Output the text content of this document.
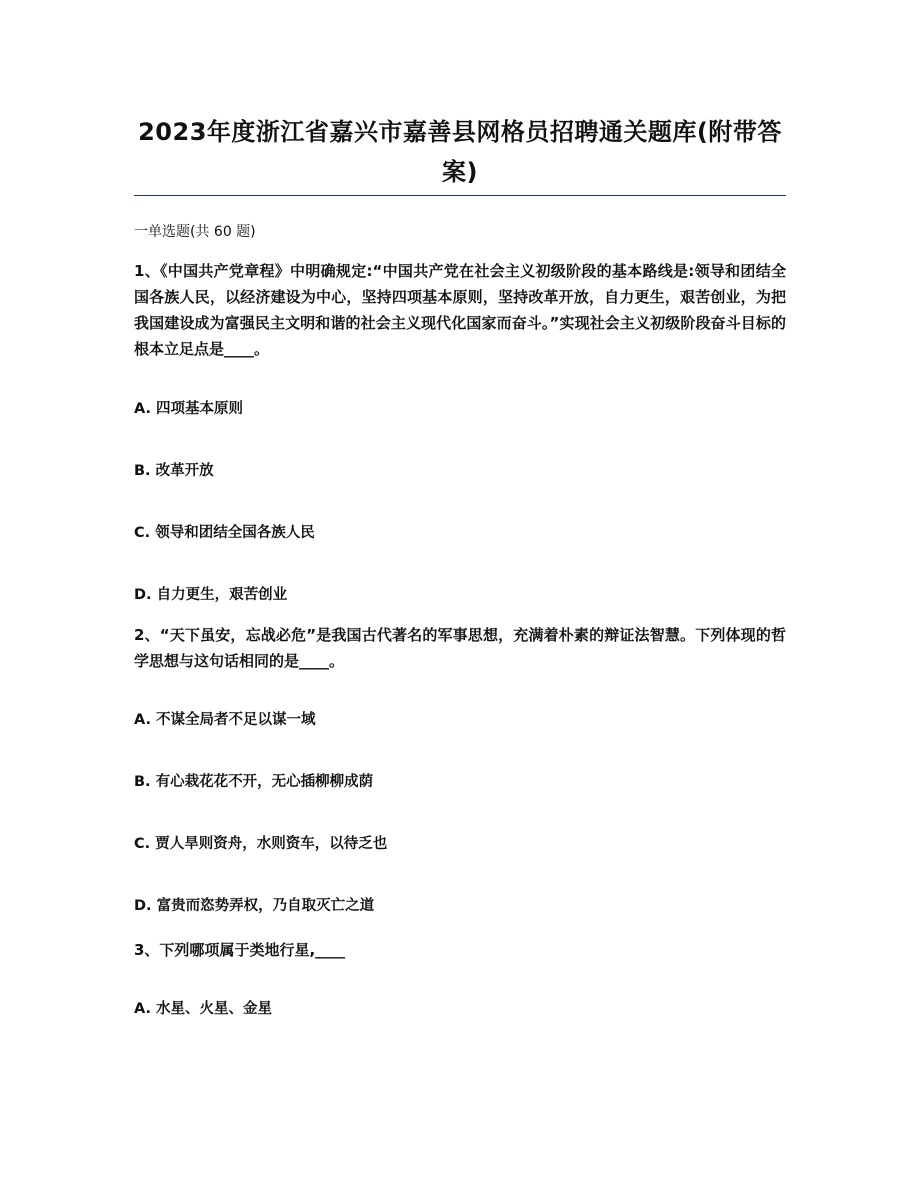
2023年度浙江省嘉兴市嘉善县网格员招聘通关题库(附带答案)
一单选题(共 60 题)
1、《中国共产党章程》中明确规定:“中国共产党在社会主义初级阶段的基本路线是:领导和团结全国各族人民，以经济建设为中心，坚持四项基本原则，坚持改革开放，自力更生，艰苦创业，为把我国建设成为富强民主文明和谐的社会主义现代化国家而奋斗。”实现社会主义初级阶段奋斗目标的根本立足点是____。
A. 四项基本原则
B. 改革开放
C. 领导和团结全国各族人民
D. 自力更生，艰苦创业
2、“天下虽安，忘战必危”是我国古代著名的军事思想，充满着朴素的辩证法智慧。下列体现的哲学思想与这句话相同的是____。
A. 不谋全局者不足以谋一域
B. 有心栽花花不开，无心插柳柳成荫
C. 贾人旱则资舟，水则资车，以待乏也
D. 富贵而恣势弄权，乃自取灭亡之道
3、下列哪项属于类地行星,____
A. 水星、火星、金星
